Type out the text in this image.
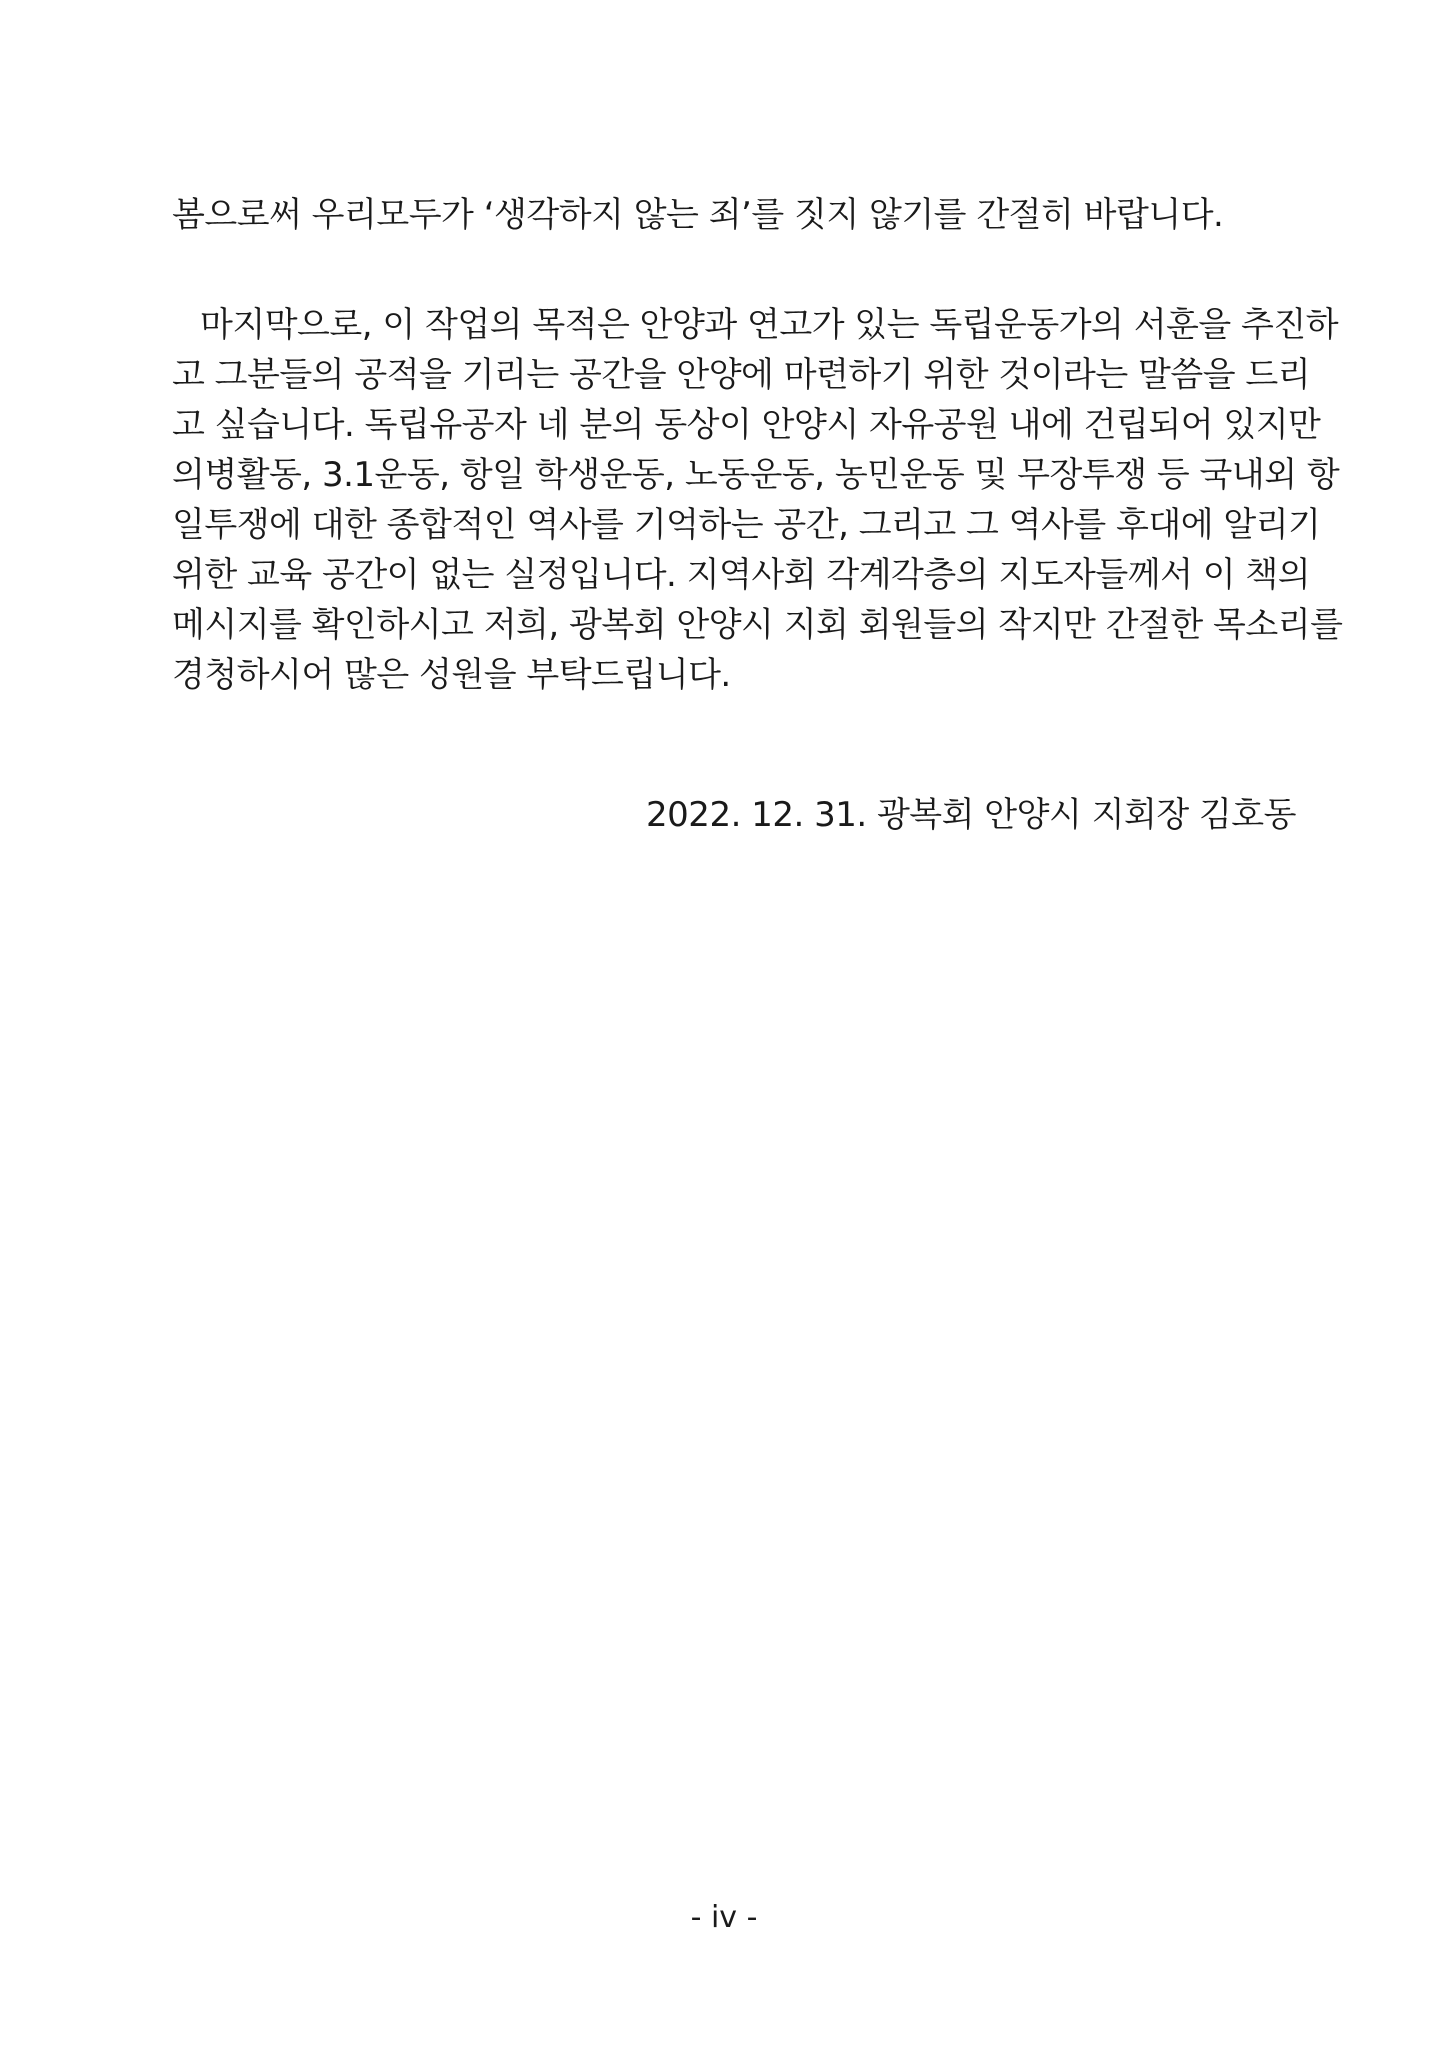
봄으로써 우리모두가 ‘생각하지 않는 죄’를 짓지 않기를 간절히 바랍니다.
마지막으로, 이 작업의 목적은 안양과 연고가 있는 독립운동가의 서훈을 추진하
고 그분들의 공적을 기리는 공간을 안양에 마련하기 위한 것이라는 말씀을 드리
고 싶습니다. 독립유공자 네 분의 동상이 안양시 자유공원 내에 건립되어 있지만
의병활동, 3.1운동, 항일 학생운동, 노동운동, 농민운동 및 무장투쟁 등 국내외 항
일투쟁에 대한 종합적인 역사를 기억하는 공간, 그리고 그 역사를 후대에 알리기
위한 교육 공간이 없는 실정입니다. 지역사회 각계각층의 지도자들께서 이 책의
메시지를 확인하시고 저희, 광복회 안양시 지회 회원들의 작지만 간절한 목소리를
경청하시어 많은 성원을 부탁드립니다.
2022. 12. 31. 광복회 안양시 지회장 김호동
- iv -
